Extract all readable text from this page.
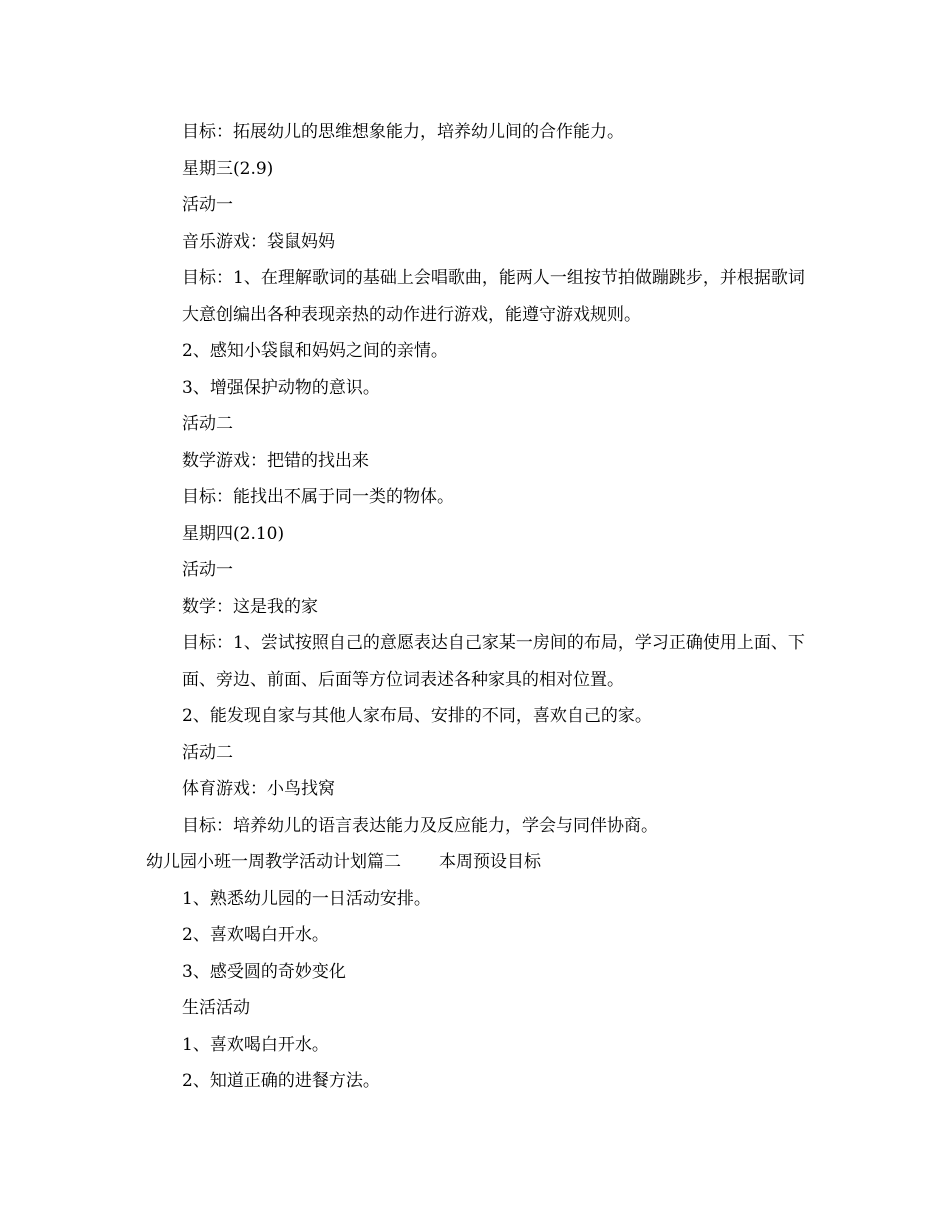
目标：拓展幼儿的思维想象能力，培养幼儿间的合作能力。
星期三(2.9)
活动一
音乐游戏：袋鼠妈妈
目标：1、在理解歌词的基础上会唱歌曲，能两人一组按节拍做蹦跳步，并根据歌词大意创编出各种表现亲热的动作进行游戏，能遵守游戏规则。
2、感知小袋鼠和妈妈之间的亲情。
3、增强保护动物的意识。
活动二
数学游戏：把错的找出来
目标：能找出不属于同一类的物体。
星期四(2.10)
活动一
数学：这是我的家
目标：1、尝试按照自己的意愿表达自己家某一房间的布局，学习正确使用上面、下面、旁边、前面、后面等方位词表述各种家具的相对位置。
2、能发现自家与其他人家布局、安排的不同，喜欢自己的家。
活动二
体育游戏：小鸟找窝
目标：培养幼儿的语言表达能力及反应能力，学会与同伴协商。
幼儿园小班一周教学活动计划篇二 本周预设目标
1、熟悉幼儿园的一日活动安排。
2、喜欢喝白开水。
3、感受圆的奇妙变化
生活活动
1、喜欢喝白开水。
2、知道正确的进餐方法。
